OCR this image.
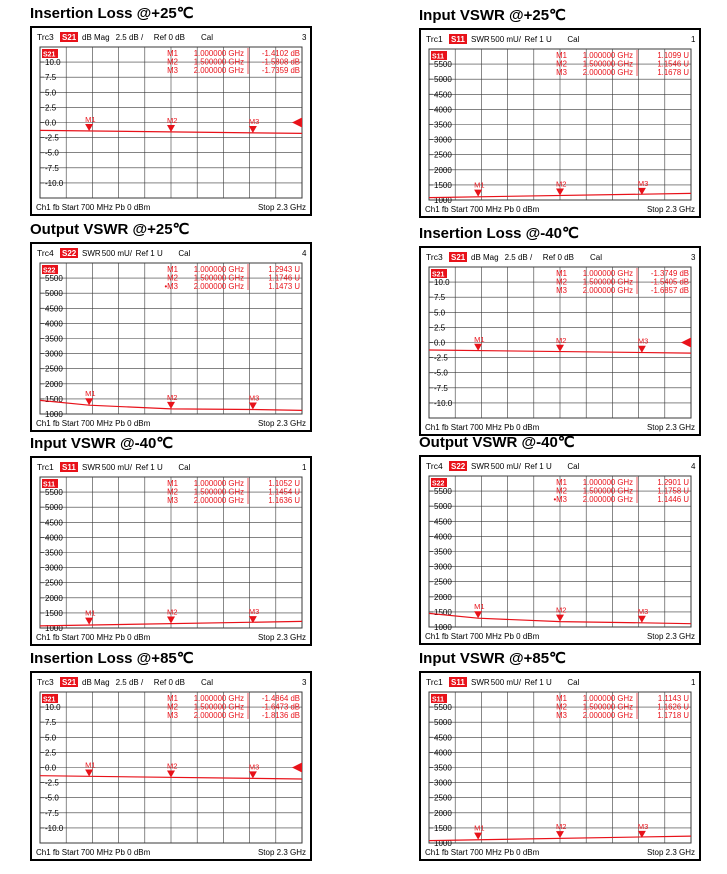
Insertion Loss @+25℃
Trc3 S21 dB Mag 2.5 dB / Ref 0 dB Cal	3
10.0
7.5
5.0
2.5
0.0
-2.5
-5.0
-7.5
-10.0
S21	M1 1.000000 GHz -1.4102 dB
M2 1.500000 GHz -1.5808 dB
M3 2.000000 GHz -1.7359 dB
M1	M2	M3
Ch1 fb Start 700 MHz Pb 0 dBm	Stop 2.3 GHz
Output VSWR @+25℃
Trc4 S22 SWR 500 mU/ Ref 1 U Cal	4
5500
5000
4500
4000
3500
3000
2500
2000
1500
1000
S22	M1 1.000000 GHz	1.2943 U
M2 1.500000 GHz	1.1746 U
•M3 2.000000 GHz	1.1473 U
M1	M2	M3
Ch1 fb Start 700 MHz Pb 0 dBm	Stop 2.3 GHz
Input VSWR @-40℃
Trc1 S11 SWR 500 mU/ Ref 1 U Cal	1
5500
5000
4500
4000
3500
3000
2500
2000
1500
1000
S11	M1 1.000000 GHz	1.1052 U
M2 1.500000 GHz	1.1454 U
M3 2.000000 GHz	1.1636 U
M1	M2	M3
Ch1 fb Start 700 MHz Pb 0 dBm	Stop 2.3 GHz
Insertion Loss @+85℃
Trc3 S21 dB Mag 2.5 dB / Ref 0 dB Cal	3
10.0
7.5
5.0
2.5
0.0
-2.5
-5.0
-7.5
-10.0
S21	M1 1.000000 GHz -1.4864 dB
M2 1.500000 GHz -1.6473 dB
M3 2.000000 GHz -1.8136 dB
M1	M2	M3
Ch1 fb Start 700 MHz Pb 0 dBm	Stop 2.3 GHz
Input VSWR @+25℃
Trc1 S11 SWR 500 mU/ Ref 1 U Cal	1
5500
5000
4500
4000
3500
3000
2500
2000
1500
1000
S11	M1 1.000000 GHz	1.1099 U
M2 1.500000 GHz	1.1546 U
M3 2.000000 GHz	1.1678 U
M1	M2	M3
Ch1 fb Start 700 MHz Pb 0 dBm	Stop 2.3 GHz
Insertion Loss @-40℃
Trc3 S21 dB Mag 2.5 dB / Ref 0 dB Cal	3
10.0
7.5
5.0
2.5
0.0
-2.5
-5.0
-7.5
-10.0
S21	M1 1.000000 GHz -1.3749 dB
M2 1.500000 GHz -1.5405 dB
M3 2.000000 GHz -1.6857 dB
M1	M2	M3
Ch1 fb Start 700 MHz Pb 0 dBm	Stop 2.3 GHz
Output VSWR @-40℃
Trc4 S22 SWR 500 mU/ Ref 1 U Cal	4
5500
5000
4500
4000
3500
3000
2500
2000
1500
1000
S22	M1 1.000000 GHz	1.2901 U
M2 1.500000 GHz	1.1758 U
•M3 2.000000 GHz	1.1446 U
M1	M2	M3
Ch1 fb Start 700 MHz Pb 0 dBm	Stop 2.3 GHz
Input VSWR @+85℃
Trc1 S11 SWR 500 mU/ Ref 1 U Cal	1
5500
5000
4500
4000
3500
3000
2500
2000
1500
1000
S11	M1 1.000000 GHz	1.1143 U
M2 1.500000 GHz	1.1626 U
M3 2.000000 GHz	1.1718 U
M1	M2	M3
Ch1 fb Start 700 MHz Pb 0 dBm	Stop 2.3 GHz
